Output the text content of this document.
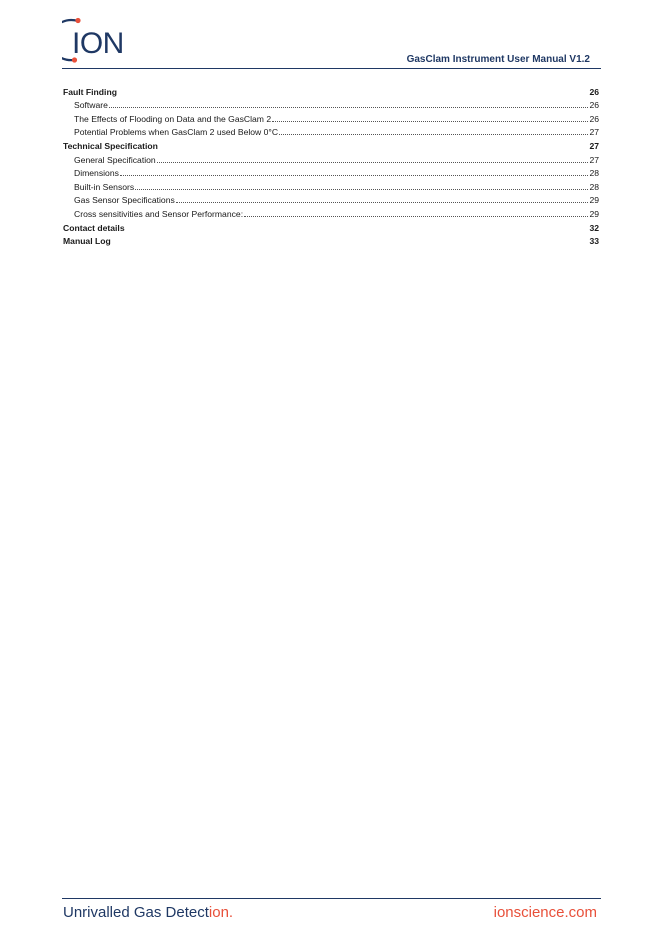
ION	GasClam Instrument User Manual V1.2
Fault Finding	26
Software	26
The Effects of Flooding on Data and the GasClam 2	26
Potential Problems when GasClam 2 used Below 0°C	27
Technical Specification	27
General Specification	27
Dimensions	28
Built-in Sensors	28
Gas Sensor Specifications	29
Cross sensitivities and Sensor Performance:	29
Contact details	32
Manual Log	33
Unrivalled Gas Detection.	ionscience.com
